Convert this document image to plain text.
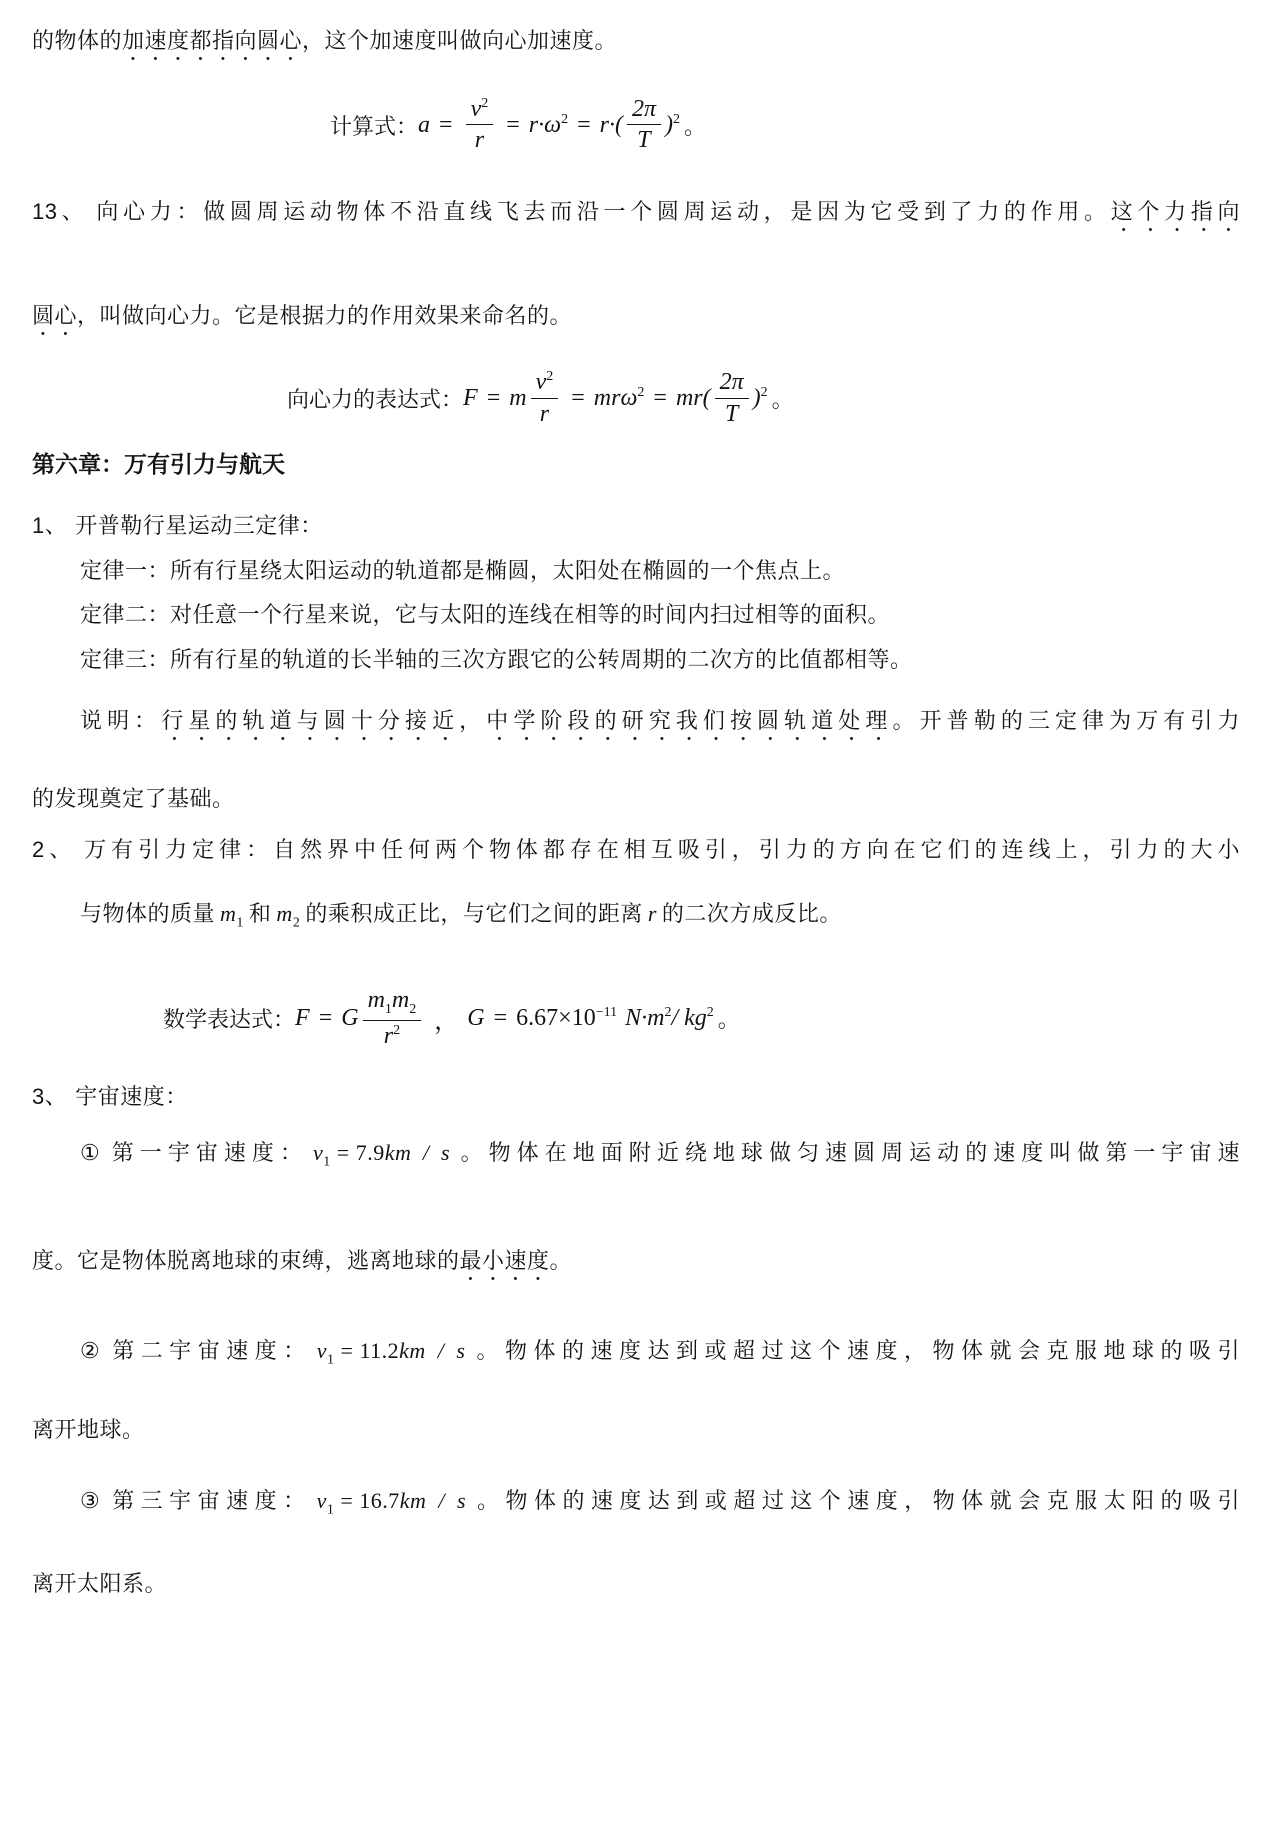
的物体的加速度都指向圆心，这个加速度叫做向心加速度。

计算式： $a = \frac{v^2}{r} = r\cdot\omega^2 = r\cdot( \frac{2\pi}{T} )^2$ 。

13、 向心力：做圆周运动物体不沿直线飞去而沿一个圆周运动，是因为它受到了力的作用。这个力指向

圆心，叫做向心力。它是根据力的作用效果来命名的。

向心力的表达式： F = m $\frac{v^2}{r} = mr\omega^2 = mr( \frac{2\pi}{T} )^2$ 。

第六章：万有引力与航天

1、 开普勒行星运动三定律：

定律一：所有行星绕太阳运动的轨道都是椭圆，太阳处在椭圆的一个焦点上。

定律二：对任意一个行星来说，它与太阳的连线在相等的时间内扫过相等的面积。

定律三：所有行星的轨道的长半轴的三次方跟它的公转周期的二次方的比值都相等。

说明：行星的轨道与圆十分接近，中学阶段的研究我们按圆轨道处理。开普勒的三定律为万有引力

的发现奠定了基础。

2、 万有引力定律：自然界中任何两个物体都存在相互吸引，引力的方向在它们的连线上，引力的大小

与物体的质量 $m_1$ 和 $m_2$ 的乘积成正比，与它们之间的距离 r 的二次方成反比。

数学表达式： F = G $\frac{m_1m_2}{r^2}$ ， $G = 6.67\times 10^{-11}$ $N\cdot m^2/$ $kg^2$ 。

3、 宇宙速度：

① 第一宇宙速度： $v_1 = 7.9km / s$ 。物体在地面附近绕地球做匀速圆周运动的速度叫做第一宇宙速

度。它是物体脱离地球的束缚，逃离地球的最小速度。

② 第二宇宙速度： $v_1 = 11.2km / s$ 。物体的速度达到或超过这个速度，物体就会克服地球的吸引

离开地球。

③ 第三宇宙速度： $v_1 = 16.7km / s$ 。物体的速度达到或超过这个速度，物体就会克服太阳的吸引

离开太阳系。
